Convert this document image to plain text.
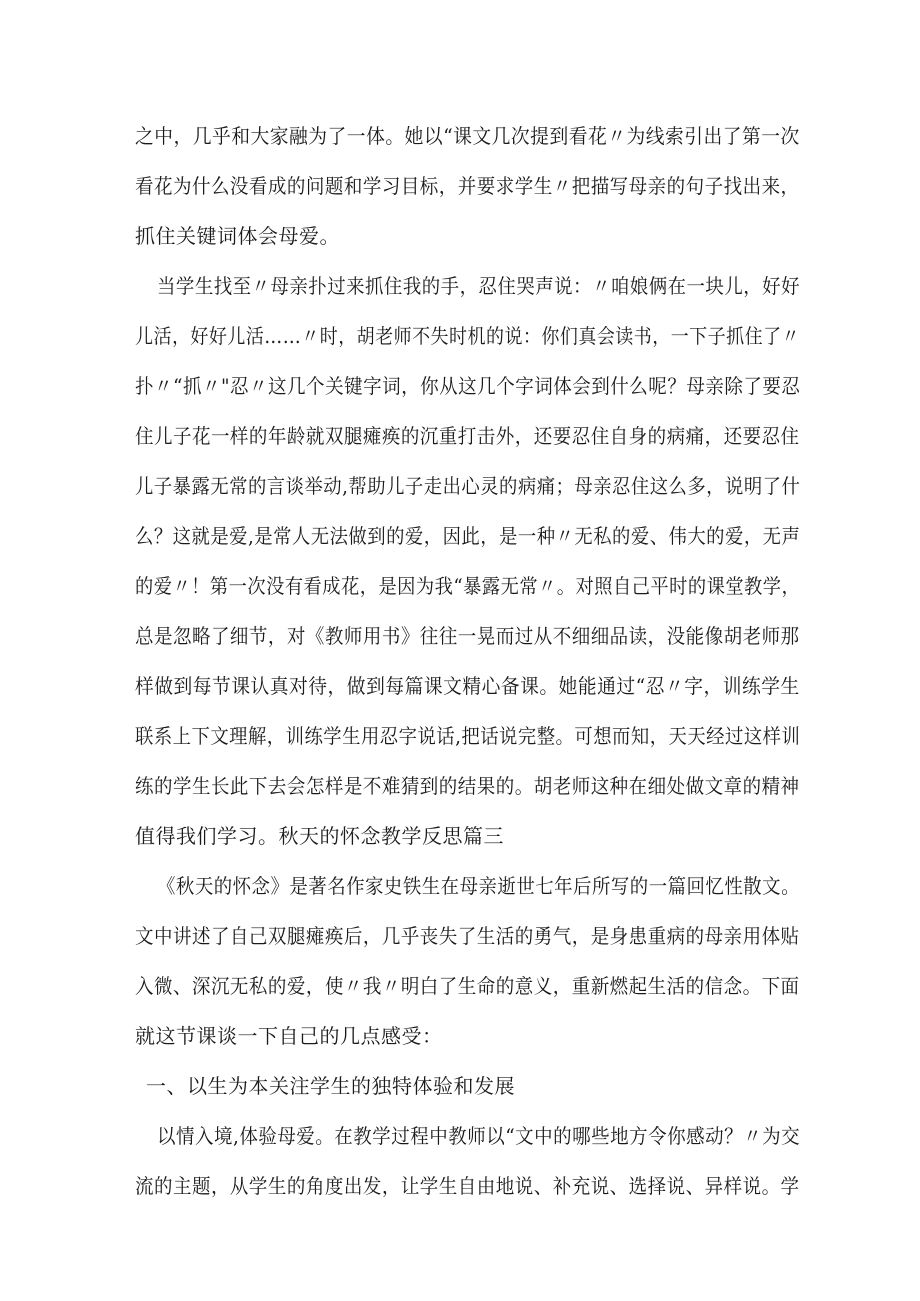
之中，几乎和大家融为了一体。她以“课文几次提到看花〃为线索引出了第一次
看花为什么没看成的问题和学习目标，并要求学生〃把描写母亲的句子找出来，
抓住关键词体会母爱。
当学生找至〃母亲扑过来抓住我的手，忍住哭声说：〃咱娘俩在一块儿，好好
儿活，好好儿活……〃时，胡老师不失时机的说：你们真会读书，一下子抓住了〃
扑〃“抓〃"忍〃这几个关键字词，你从这几个字词体会到什么呢？母亲除了要忍
住儿子花一样的年龄就双腿瘫痪的沉重打击外，还要忍住自身的病痛，还要忍住
儿子暴露无常的言谈举动,帮助儿子走出心灵的病痛；母亲忍住这么多，说明了什
么？这就是爱,是常人无法做到的爱，因此，是一种〃无私的爱、伟大的爱，无声
的爱〃！第一次没有看成花，是因为我“暴露无常〃。对照自己平时的课堂教学，
总是忽略了细节，对《教师用书》往往一晃而过从不细细品读，没能像胡老师那
样做到每节课认真对待，做到每篇课文精心备课。她能通过“忍〃字，训练学生
联系上下文理解，训练学生用忍字说话,把话说完整。可想而知，天天经过这样训
练的学生长此下去会怎样是不难猜到的结果的。胡老师这种在细处做文章的精神
值得我们学习。秋天的怀念教学反思篇三
《秋天的怀念》是著名作家史铁生在母亲逝世七年后所写的一篇回忆性散文。
文中讲述了自己双腿瘫痪后，几乎丧失了生活的勇气，是身患重病的母亲用体贴
入微、深沉无私的爱，使〃我〃明白了生命的意义，重新燃起生活的信念。下面
就这节课谈一下自己的几点感受：
一、以生为本关注学生的独特体验和发展
以情入境,体验母爱。在教学过程中教师以“文中的哪些地方令你感动？〃为交
流的主题，从学生的角度出发，让学生自由地说、补充说、选择说、异样说。学
